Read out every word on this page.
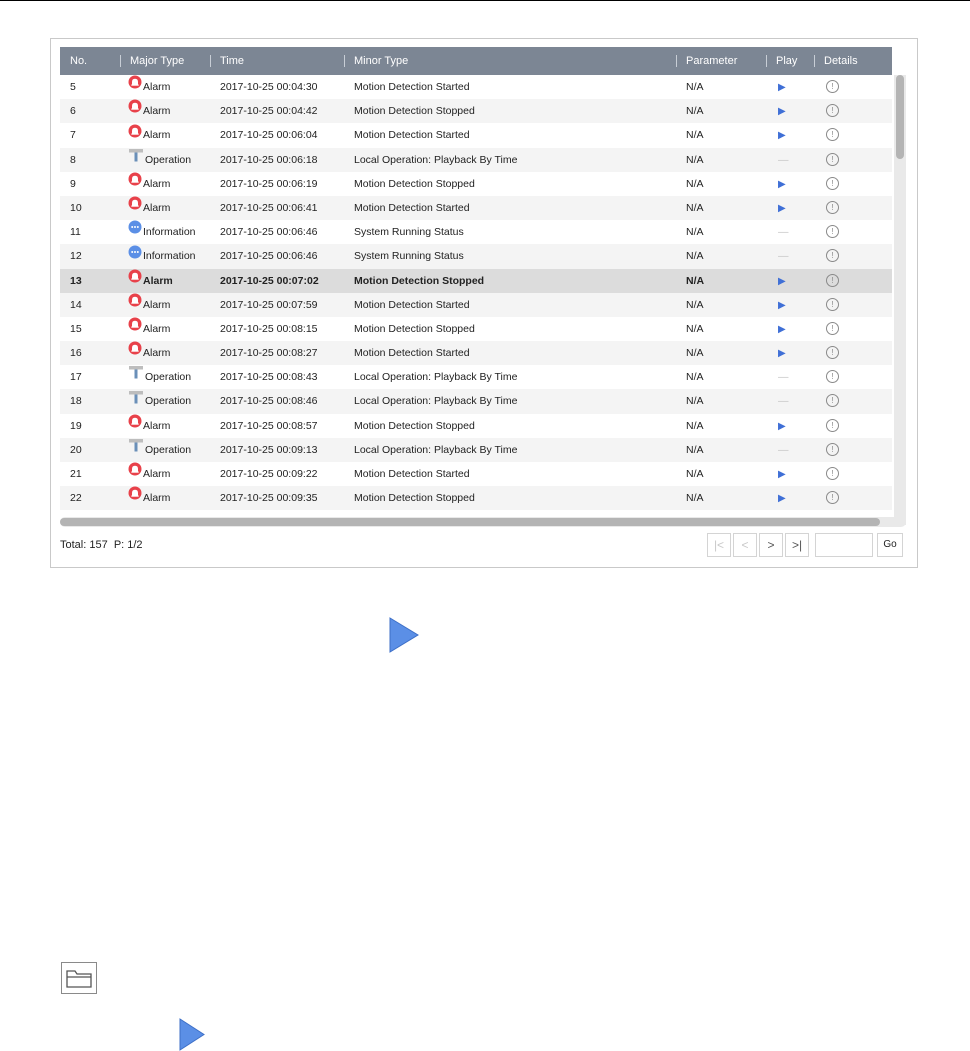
No.	Major Type	Time	Minor Type	Parameter	Play	Details
5	Alarm	2017-10-25 00:04:30	Motion Detection Started	N/A	▶	!
6	Alarm	2017-10-25 00:04:42	Motion Detection Stopped	N/A	▶	!
7	Alarm	2017-10-25 00:06:04	Motion Detection Started	N/A	▶	!
8	Operation	2017-10-25 00:06:18	Local Operation: Playback By Time	N/A	—	!
9	Alarm	2017-10-25 00:06:19	Motion Detection Stopped	N/A	▶	!
10	Alarm	2017-10-25 00:06:41	Motion Detection Started	N/A	▶	!
11	Information	2017-10-25 00:06:46	System Running Status	N/A	—	!
12	Information	2017-10-25 00:06:46	System Running Status	N/A	—	!
13	Alarm	2017-10-25 00:07:02	Motion Detection Stopped	N/A	▶	!
14	Alarm	2017-10-25 00:07:59	Motion Detection Started	N/A	▶	!
15	Alarm	2017-10-25 00:08:15	Motion Detection Stopped	N/A	▶	!
16	Alarm	2017-10-25 00:08:27	Motion Detection Started	N/A	▶	!
17	Operation	2017-10-25 00:08:43	Local Operation: Playback By Time	N/A	—	!
18	Operation	2017-10-25 00:08:46	Local Operation: Playback By Time	N/A	—	!
19	Alarm	2017-10-25 00:08:57	Motion Detection Stopped	N/A	▶	!
20	Operation	2017-10-25 00:09:13	Local Operation: Playback By Time	N/A	—	!
21	Alarm	2017-10-25 00:09:22	Motion Detection Started	N/A	▶	!
22	Alarm	2017-10-25 00:09:35	Motion Detection Stopped	N/A	▶	!
Total: 157  P: 1/2	|<	<	>	>|	Go
